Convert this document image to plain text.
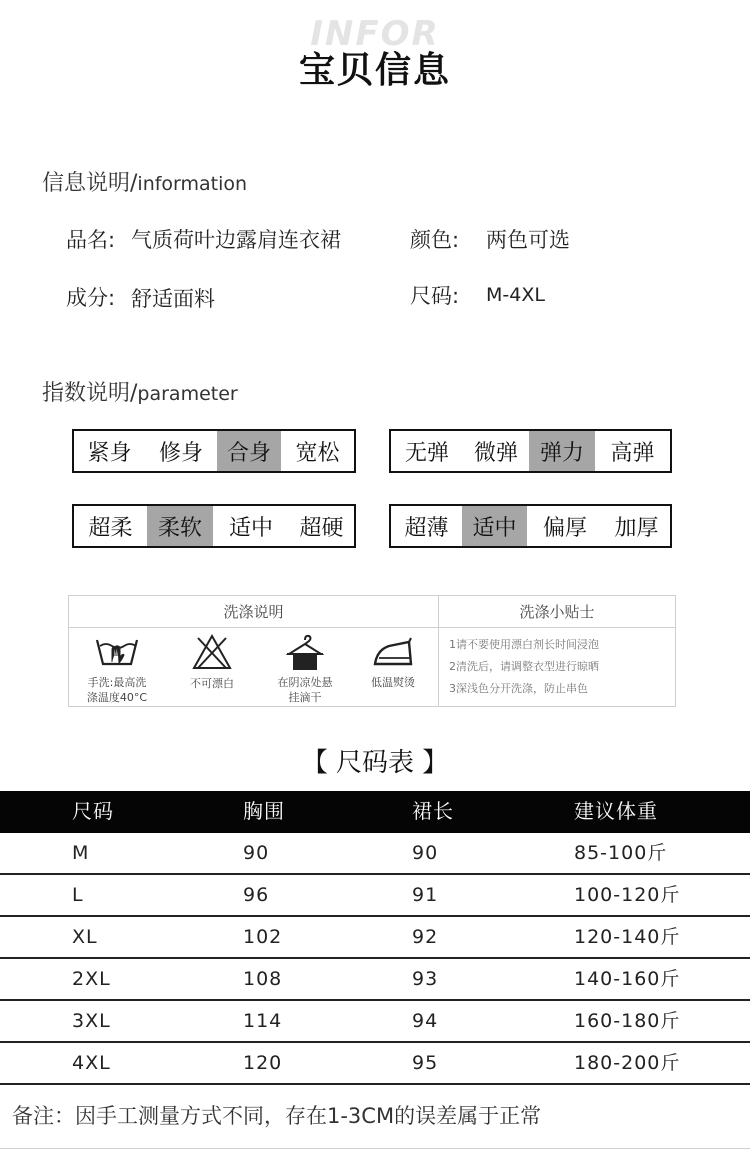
INFOR
宝贝信息
信息说明/information
品名: 气质荷叶边露肩连衣裙	颜色: 两色可选
成分: 舒适面料	尺码: M-4XL
指数说明/parameter
紧身	修身	合身	宽松	无弹	微弹 弹力	高弹
超柔	柔软	适中	超硬	超薄	适中	偏厚	加厚
洗涤说明	洗涤小贴士
手洗:最高洗
涤温度40°C
不可漂白	在阴凉处悬
挂滴干
低温熨烫
1请不要使用漂白剂长时间浸泡
2清洗后，请调整衣型进行晾晒
3深浅色分开洗涤，防止串色
【 尺码表 】
尺码	胸围	裙长	建议体重
M	90	90	85-100斤
L	96	91	100-120斤
XL	102	92	120-140斤
2XL	108	93	140-160斤
3XL	114	94	160-180斤
4XL	120	95	180-200斤
备注：因手工测量方式不同，存在1-3CM的误差属于正常
